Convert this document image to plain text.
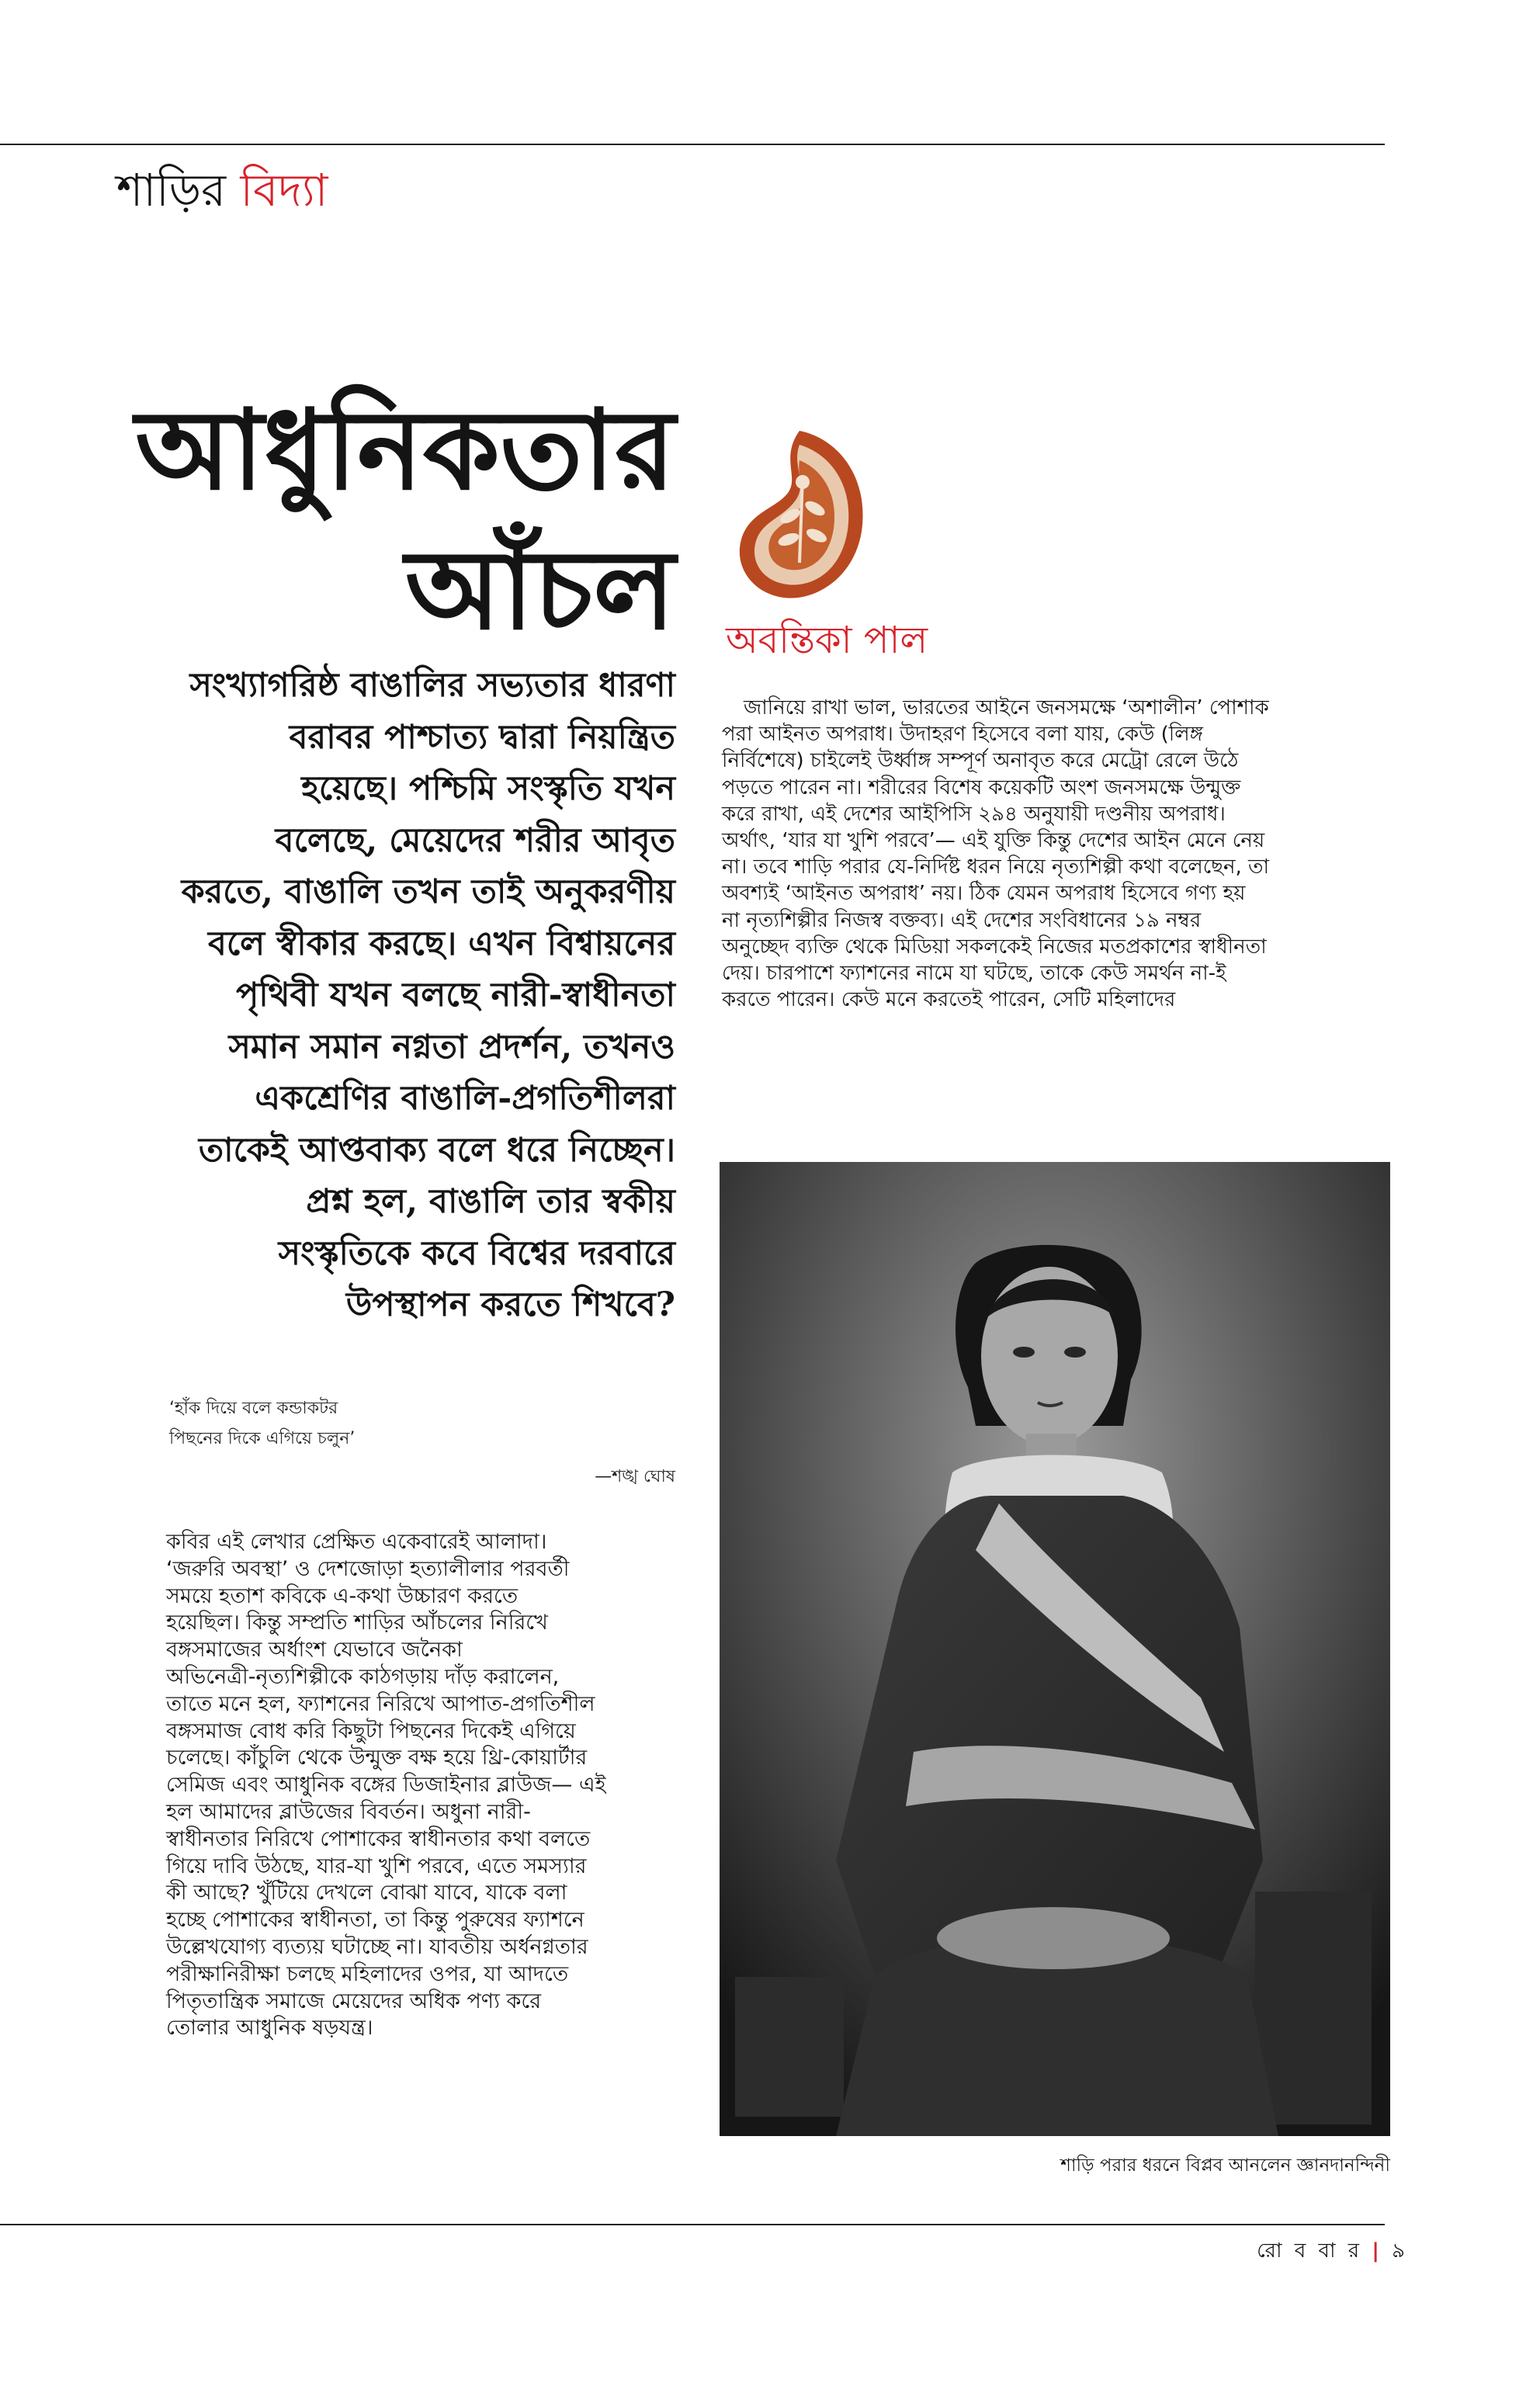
শাড়ির বিদ্যা
আধুনিকতার
আঁচল
সংখ্যাগরিষ্ঠ বাঙালির সভ্যতার ধারণা
বরাবর পাশ্চাত্য দ্বারা নিয়ন্ত্রিত
হয়েছে। পশ্চিমি সংস্কৃতি যখন
বলেছে, মেয়েদের শরীর আবৃত
করতে, বাঙালি তখন তাই অনুকরণীয়
বলে স্বীকার করছে। এখন বিশ্বায়নের
পৃথিবী যখন বলছে নারী-স্বাধীনতা
সমান সমান নগ্নতা প্রদর্শন, তখনও
একশ্রেণির বাঙালি-প্রগতিশীলরা
তাকেই আপ্তবাক্য বলে ধরে নিচ্ছেন।
প্রশ্ন হল, বাঙালি তার স্বকীয়
সংস্কৃতিকে কবে বিশ্বের দরবারে
উপস্থাপন করতে শিখবে?
‘হাঁক দিয়ে বলে কন্ডাকটর
পিছনের দিকে এগিয়ে চলুন’
—শঙ্খ ঘোষ
কবির এই লেখার প্রেক্ষিত একেবারেই আলাদা।
‘জরুরি অবস্থা’ ও দেশজোড়া হত্যালীলার পরবর্তী
সময়ে হতাশ কবিকে এ-কথা উচ্চারণ করতে
হয়েছিল। কিন্তু সম্প্রতি শাড়ির আঁচলের নিরিখে
বঙ্গসমাজের অর্ধাংশ যেভাবে জনৈকা
অভিনেত্রী-নৃত্যশিল্পীকে কাঠগড়ায় দাঁড় করালেন,
তাতে মনে হল, ফ্যাশনের নিরিখে আপাত-প্রগতিশীল
বঙ্গসমাজ বোধ করি কিছুটা পিছনের দিকেই এগিয়ে
চলেছে। কাঁচুলি থেকে উন্মুক্ত বক্ষ হয়ে থ্রি-কোয়ার্টার
সেমিজ এবং আধুনিক বঙ্গের ডিজাইনার ব্লাউজ— এই
হল আমাদের ব্লাউজের বিবর্তন। অধুনা নারী-
স্বাধীনতার নিরিখে পোশাকের স্বাধীনতার কথা বলতে
গিয়ে দাবি উঠছে, যার-যা খুশি পরবে, এতে সমস্যার
কী আছে? খুঁটিয়ে দেখলে বোঝা যাবে, যাকে বলা
হচ্ছে পোশাকের স্বাধীনতা, তা কিন্তু পুরুষের ফ্যাশনে
উল্লেখযোগ্য ব্যত্যয় ঘটাচ্ছে না। যাবতীয় অর্ধনগ্নতার
পরীক্ষানিরীক্ষা চলছে মহিলাদের ওপর, যা আদতে
পিতৃতান্ত্রিক সমাজে মেয়েদের অধিক পণ্য করে
তোলার আধুনিক ষড়যন্ত্র।
অবন্তিকা পাল
জানিয়ে রাখা ভাল, ভারতের আইনে জনসমক্ষে ‘অশালীন’ পোশাক
পরা আইনত অপরাধ। উদাহরণ হিসেবে বলা যায়, কেউ (লিঙ্গ
নির্বিশেষে) চাইলেই উর্ধ্বাঙ্গ সম্পূর্ণ অনাবৃত করে মেট্রো রেলে উঠে
পড়তে পারেন না। শরীরের বিশেষ কয়েকটি অংশ জনসমক্ষে উন্মুক্ত
করে রাখা, এই দেশের আইপিসি ২৯৪ অনুযায়ী দণ্ডনীয় অপরাধ।
অর্থাৎ, ‘যার যা খুশি পরবে’— এই যুক্তি কিন্তু দেশের আইন মেনে নেয়
না। তবে শাড়ি পরার যে-নির্দিষ্ট ধরন নিয়ে নৃত্যশিল্পী কথা বলেছেন, তা
অবশ্যই ‘আইনত অপরাধ’ নয়। ঠিক যেমন অপরাধ হিসেবে গণ্য হয়
না নৃত্যশিল্পীর নিজস্ব বক্তব্য। এই দেশের সংবিধানের ১৯ নম্বর
অনুচ্ছেদ ব্যক্তি থেকে মিডিয়া সকলকেই নিজের মতপ্রকাশের স্বাধীনতা
দেয়। চারপাশে ফ্যাশনের নামে যা ঘটছে, তাকে কেউ সমর্থন না-ই
করতে পারেন। কেউ মনে করতেই পারেন, সেটি মহিলাদের
শাড়ি পরার ধরনে বিপ্লব আনলেন জ্ঞানদানন্দিনী
রো ব বা র | ৯
